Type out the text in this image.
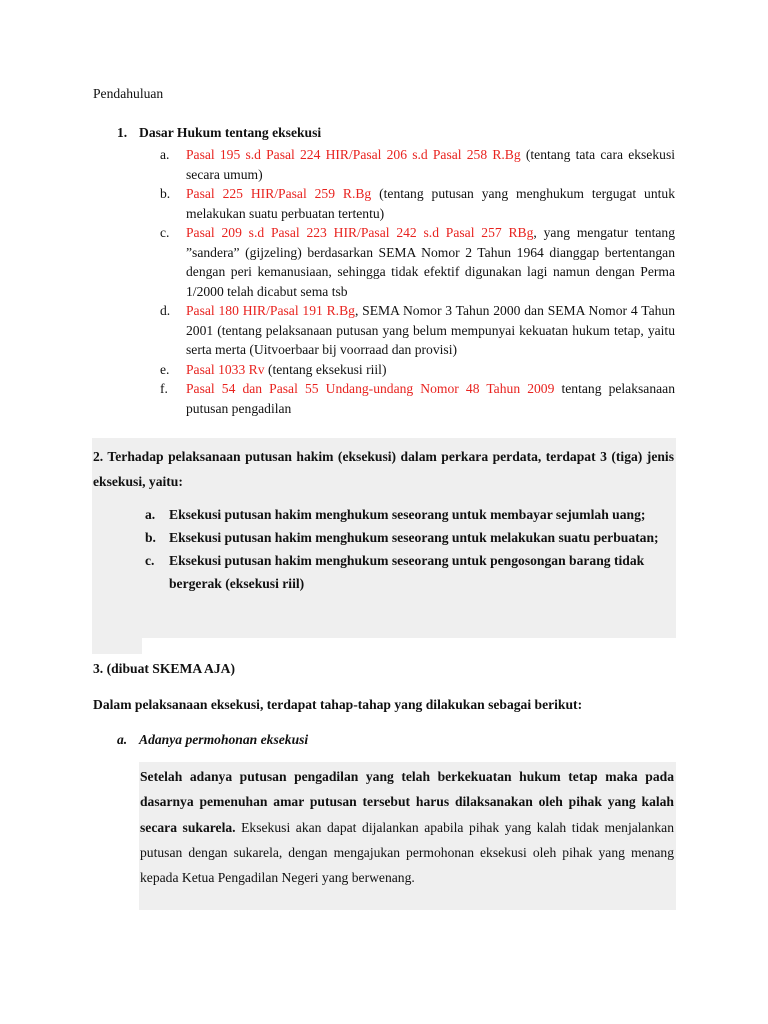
Pendahuluan
1. Dasar Hukum tentang eksekusi
a. Pasal 195 s.d Pasal 224 HIR/Pasal 206 s.d Pasal 258 R.Bg (tentang tata cara eksekusi secara umum)
b. Pasal 225 HIR/Pasal 259 R.Bg (tentang putusan yang menghukum tergugat untuk melakukan suatu perbuatan tertentu)
c. Pasal 209 s.d Pasal 223 HIR/Pasal 242 s.d Pasal 257 RBg, yang mengatur tentang ”sandera” (gijzeling) berdasarkan SEMA Nomor 2 Tahun 1964 dianggap bertentangan dengan peri kemanusiaan, sehingga tidak efektif digunakan lagi namun dengan Perma 1/2000 telah dicabut sema tsb
d. Pasal 180 HIR/Pasal 191 R.Bg, SEMA Nomor 3 Tahun 2000 dan SEMA Nomor 4 Tahun 2001 (tentang pelaksanaan putusan yang belum mempunyai kekuatan hukum tetap, yaitu serta merta (Uitvoerbaar bij voorraad dan provisi)
e. Pasal 1033 Rv (tentang eksekusi riil)
f. Pasal 54 dan Pasal 55 Undang-undang Nomor 48 Tahun 2009 tentang pelaksanaan putusan pengadilan
2. Terhadap pelaksanaan putusan hakim (eksekusi) dalam perkara perdata, terdapat 3 (tiga) jenis eksekusi, yaitu:
a. Eksekusi putusan hakim menghukum seseorang untuk membayar sejumlah uang;
b. Eksekusi putusan hakim menghukum seseorang untuk melakukan suatu perbuatan;
c. Eksekusi putusan hakim menghukum seseorang untuk pengosongan barang tidak bergerak (eksekusi riil)
3. (dibuat SKEMA AJA)
Dalam pelaksanaan eksekusi, terdapat tahap-tahap yang dilakukan sebagai berikut:
a. Adanya permohonan eksekusi
Setelah adanya putusan pengadilan yang telah berkekuatan hukum tetap maka pada dasarnya pemenuhan amar putusan tersebut harus dilaksanakan oleh pihak yang kalah secara sukarela. Eksekusi akan dapat dijalankan apabila pihak yang kalah tidak menjalankan putusan dengan sukarela, dengan mengajukan permohonan eksekusi oleh pihak yang menang kepada Ketua Pengadilan Negeri yang berwenang.
